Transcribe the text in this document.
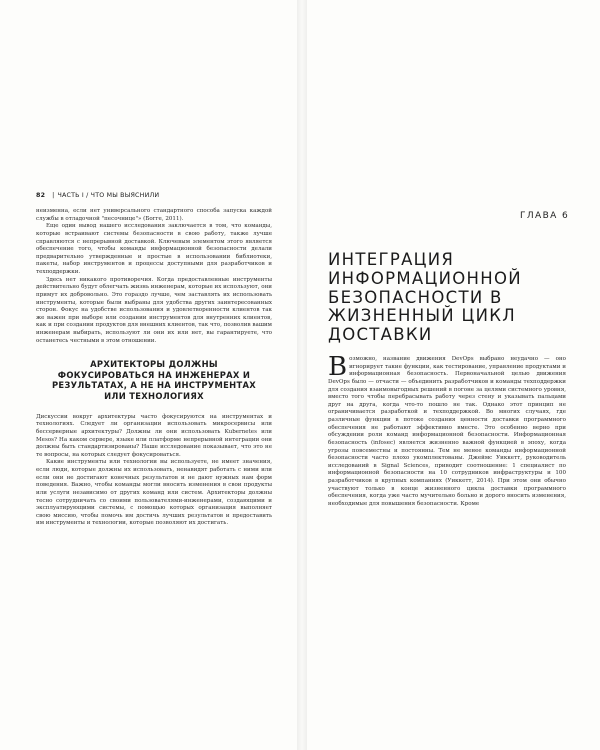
82 | ЧАСТЬ I / ЧТО МЫ ВЫЯСНИЛИ

неизменна, если нет универсального стандартного способа запуска каждой службы в отладочной "песочнице"» (Богге, 2011).

Еще один вывод нашего исследования заключается в том, что команды, которые встраивают системы безопасности в свою работу, также лучше справляются с непрерывной доставкой. Ключевым элементом этого является обеспечение того, чтобы команды информационной безопасности делали предварительно утвержденные и простые в использовании библиотеки, пакеты, набор инструментов и процессы доступными для разработчиков и техподдержки.

Здесь нет никакого противоречия. Когда предоставленные инструменты действительно будут облегчать жизнь инженерам, которые их используют, они примут их добровольно. Это гораздо лучше, чем заставлять их использовать инструменты, которые были выбраны для удобства других заинтересованных сторон. Фокус на удобстве использования и удовлетворенности клиентов так же важен при выборе или создании инструментов для внутренних клиентов, как и при создании продуктов для внешних клиентов, так что, позволив вашим инженерам выбирать, используют ли они их или нет, вы гарантируете, что останетесь честными в этом отношении.

АРХИТЕКТОРЫ ДОЛЖНЫ ФОКУСИРОВАТЬСЯ НА ИНЖЕНЕРАХ И РЕЗУЛЬТАТАХ, А НЕ НА ИНСТРУМЕНТАХ ИЛИ ТЕХНОЛОГИЯХ

Дискуссии вокруг архитектуры часто фокусируются на инструментах и технологиях. Следует ли организации использовать микросервисы или бессерверные архитектуры? Должны ли они использовать Kubernetes или Mesos? На каком сервере, языке или платформе непрерывной интеграции они должны быть стандартизированы? Наше исследование показывает, что это не те вопросы, на которых следует фокусироваться.

Какие инструменты или технологии вы используете, не имеет значения, если люди, которые должны их использовать, ненавидят работать с ними или если они не достигают конечных результатов и не дают нужных нам форм поведения. Важно, чтобы команды могли вносить изменения в свои продукты или услуги независимо от других команд или систем. Архитекторы должны тесно сотрудничать со своими пользователями-инженерами, создающими и эксплуатирующими системы, с помощью которых организация выполняет свою миссию, чтобы помочь им достичь лучших результатов и предоставить им инструменты и технологии, которые позволяют их достигать.

ГЛАВА 6
ИНТЕГРАЦИЯ ИНФОРМАЦИОННОЙ БЕЗОПАСНОСТИ В ЖИЗНЕННЫЙ ЦИКЛ ДОСТАВКИ

Возможно, название движения DevOps выбрано неудачно — оно игнорирует такие функции, как тестирование, управление продуктами и информационная безопасность. Первоначальной целью движения DevOps было — отчасти — объединить разработчиков и команды техподдержки для создания взаимовыгодных решений в погоне за целями системного уровня, вместо того чтобы перебрасывать работу через стену и указывать пальцами друг на друга, когда что-то пошло не так. Однако этот принцип не ограничивается разработкой и техподдержкой. Во многих случаях, где различные функции в потоке создания ценности доставки программного обеспечения не работают эффективно вместе. Это особенно верно при обсуждении роли команд информационной безопасности. Информационная безопасность (infosec) является жизненно важной функцией в эпоху, когда угрозы повсеместны и постоянны. Тем не менее команды информационной безопасности часто плохо укомплектованы. Джеймс Уиккетт, руководитель исследований в Signal Sciences, приводит соотношение: 1 специалист по информационной безопасности на 10 сотрудников инфраструктуры и 100 разработчиков в крупных компаниях (Уиккетт, 2014). При этом они обычно участвуют только в конце жизненного цикла доставки программного обеспечения, когда уже часто мучительно больно и дорого вносить изменения, необходимые для повышения безопасности. Кроме
